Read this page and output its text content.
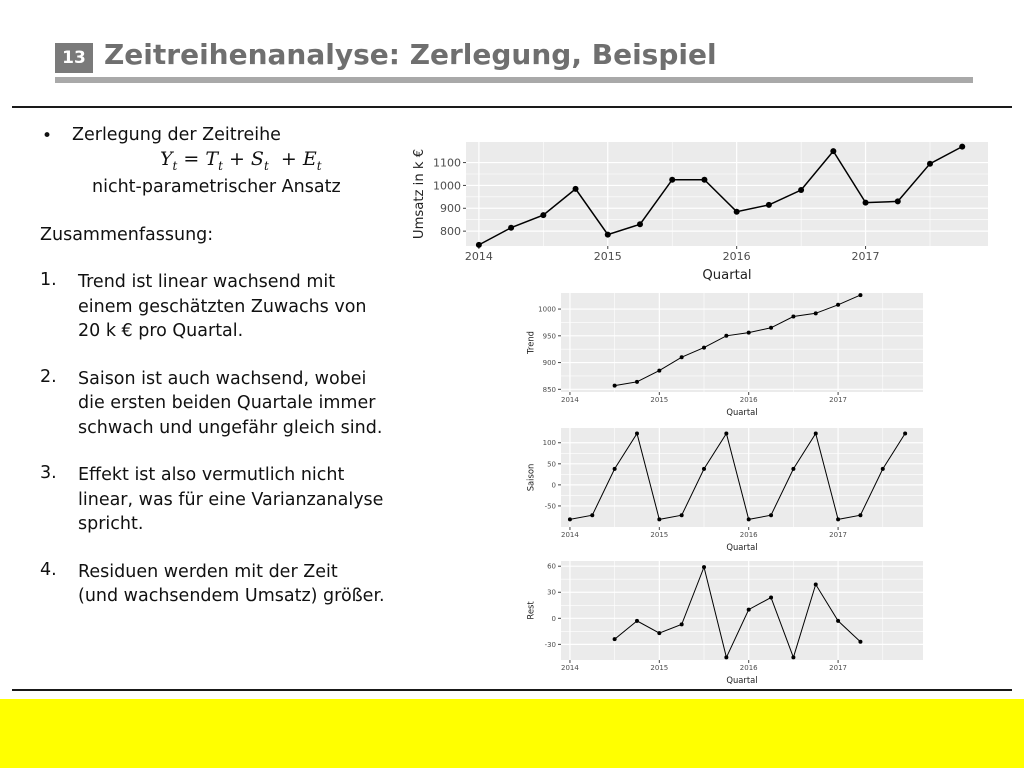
13 Zeitreihenanalyse: Zerlegung, Beispiel
• Zerlegung der Zeitreihe
$Y_t = T_t + S_t + E_t$
nicht-parametrischer Ansatz
Zusammenfassung:
1. Trend ist linear wachsend mit
einem geschätzten Zuwachs von
20 k € pro Quartal.
2. Saison ist auch wachsend, wobei
die ersten beiden Quartale immer
schwach und ungefähr gleich sind.
3. Effekt ist also vermutlich nicht
linear, was für eine Varianzanalyse
spricht.
4. Residuen werden mit der Zeit
(und wachsendem Umsatz) größer.
2014	2015	2016	2017
800
900
1000
1100
Quartal
Umsatz in k €
2014	2015	2016	2017
850
900
950
1000
Quartal
Trend
2014	2015	2016	2017
-50
0
50
100
Quartal
Saison
2014	2015	2016	2017
-30
0
30
60
Quartal
Rest
